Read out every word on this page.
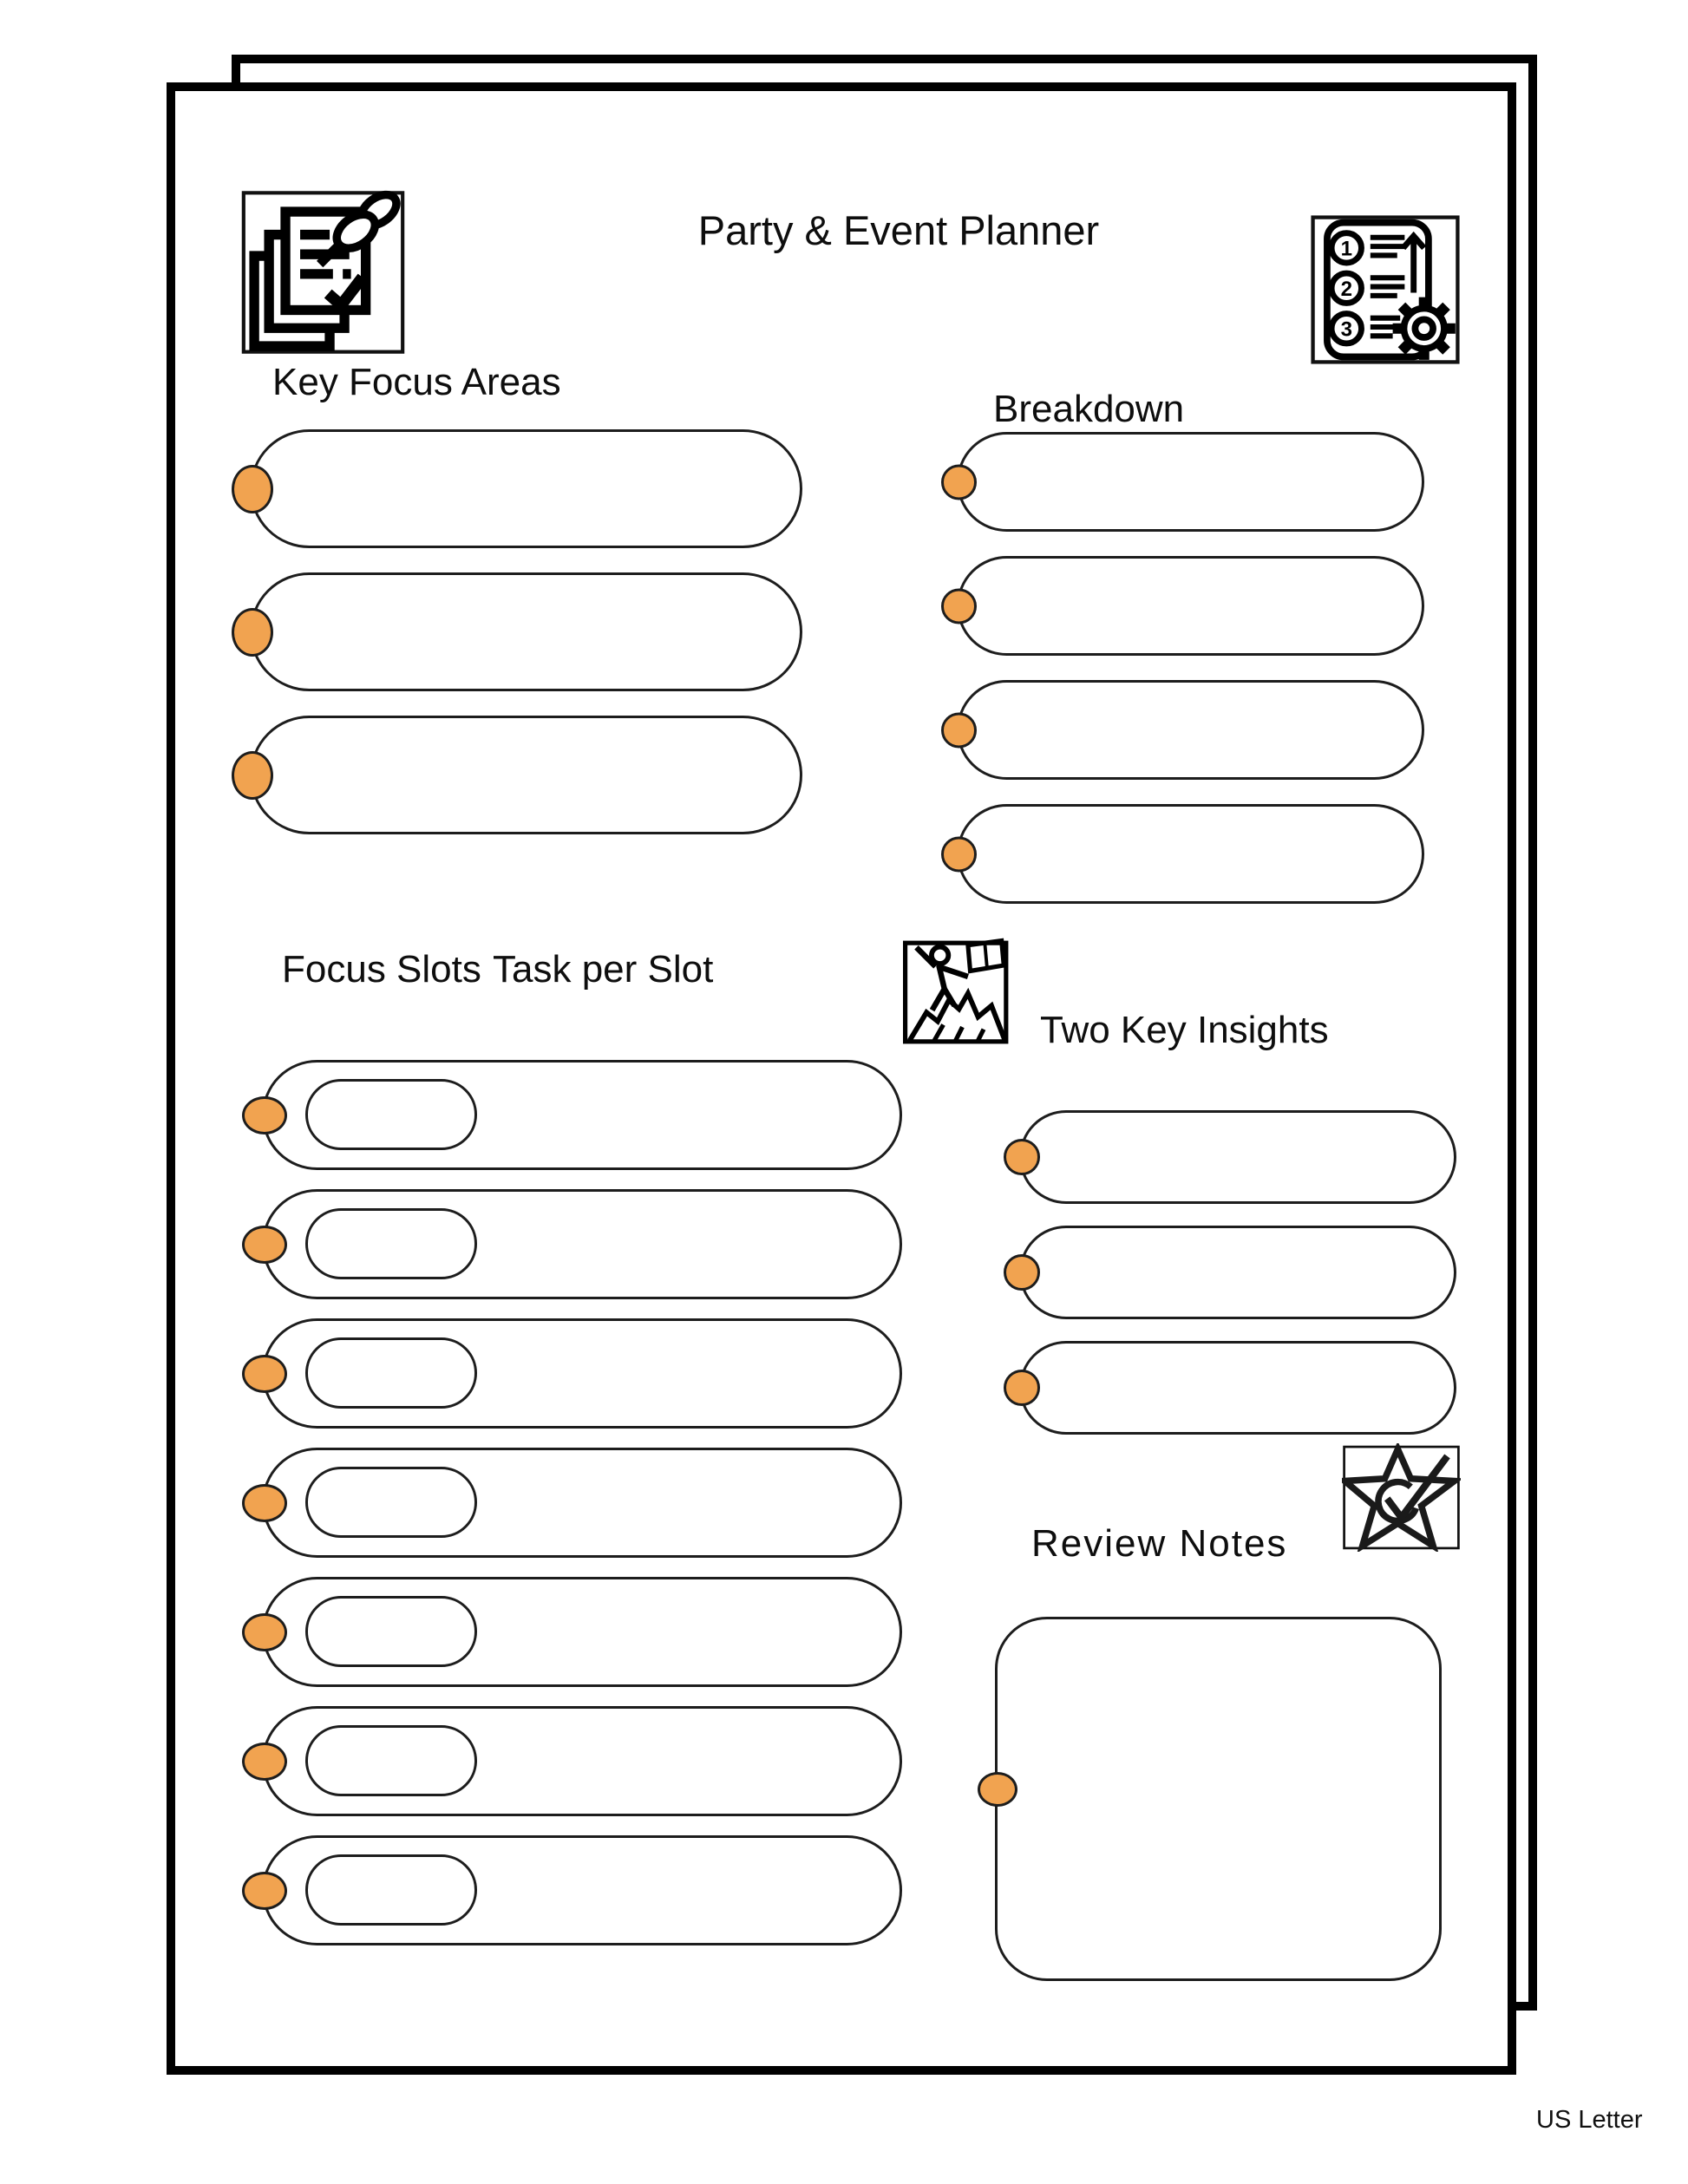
Party & Event Planner	1
2
3
Key Focus Areas
Breakdown
Focus Slots Task per Slot
Two Key Insights
Review Notes
US Letter
